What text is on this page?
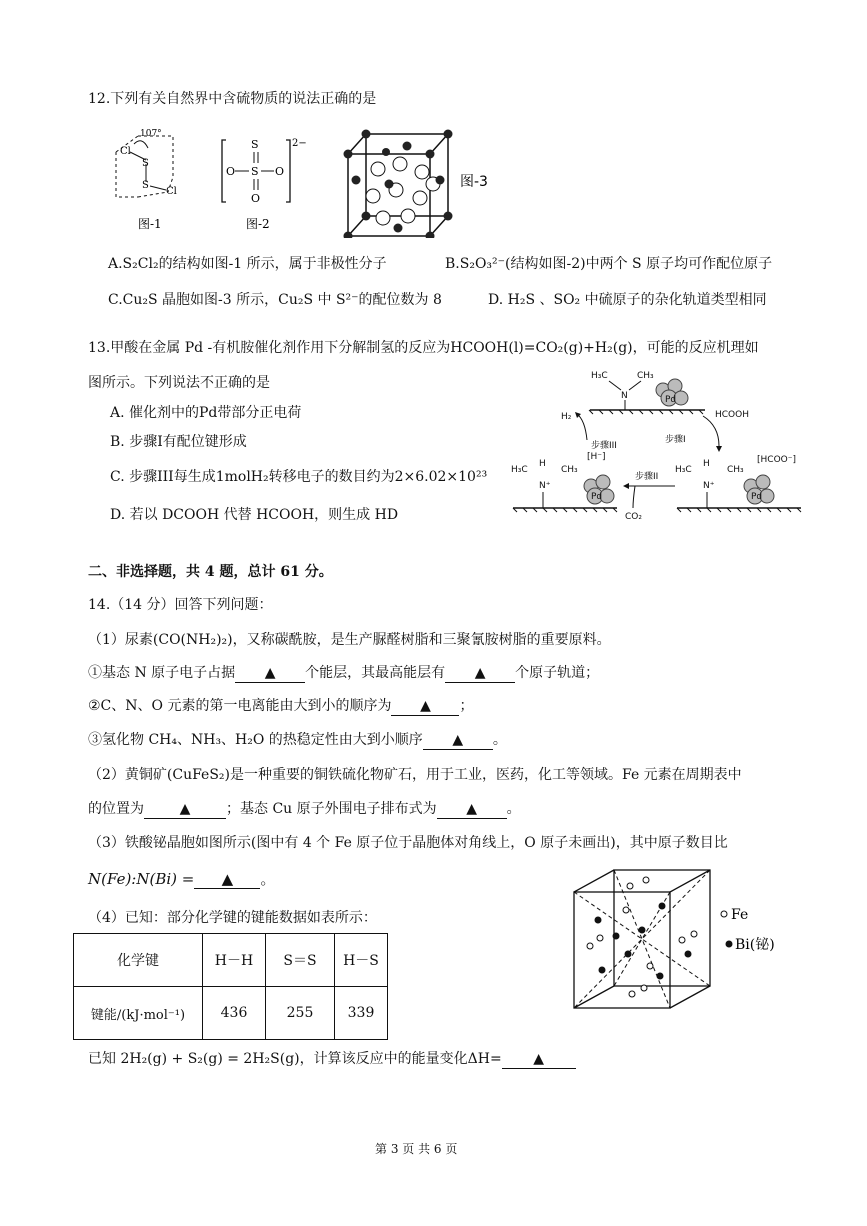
12.下列有关自然界中含硫物质的说法正确的是
107°
Cl
S
S
Cl
图-1
S
O S O
O
2−
图-2
图-3
A.S₂Cl₂的结构如图-1 所示，属于非极性分子	B.S₂O₃²⁻(结构如图-2)中两个 S 原子均可作配位原子
C.Cu₂S 晶胞如图-3 所示，Cu₂S 中 S²⁻的配位数为 8	D. H₂S 、SO₂ 中硫原子的杂化轨道类型相同
13.甲酸在金属 Pd -有机胺催化剂作用下分解制氢的反应为HCOOH(l)=CO₂(g)+H₂(g)，可能的反应机理如
图所示。下列说法不正确的是
A. 催化剂中的Pd带部分正电荷
B. 步骤I有配位键形成
C. 步骤III每生成1molH₂转移电子的数目约为2×6.02×10²³
D. 若以 DCOOH 代替 HCOOH，则生成 HD
H₃C	CH₃
N	Pd
H₂	HCOOH
步骤III
步骤I
H₃C
H
CH₃
N⁺
[H⁻]
Pd
步骤II
CO₂
H₃C
H
CH₃
N⁺
[HCOO⁻]
Pd
二、非选择题，共 4 题，总计 61 分。
14.（14 分）回答下列问题：
（1）尿素(CO(NH₂)₂)，又称碳酰胺，是生产脲醛树脂和三聚氰胺树脂的重要原料。
①基态 N 原子电子占据 ▲ 个能层，其最高能层有 ▲ 个原子轨道；
②C、N、O 元素的第一电离能由大到小的顺序为 ▲ ；
③氢化物 CH₄、NH₃、H₂O 的热稳定性由大到小顺序 ▲ 。
（2）黄铜矿(CuFeS₂)是一种重要的铜铁硫化物矿石，用于工业，医药，化工等领域。Fe 元素在周期表中
的位置为	▲	；基态 Cu 原子外围电子排布式为 ▲ 。
（3）铁酸铋晶胞如图所示(图中有 4 个 Fe 原子位于晶胞体对角线上，O 原子未画出)，其中原子数目比
N(Fe):N(Bi) = ▲ 。
Fe
Bi(铋)
（4）已知：部分化学键的键能数据如表所示：
化学键	H－H	S＝S	H－S
键能/(kJ·mol⁻¹)	436	255	339
已知 2H₂(g) + S₂(g) = 2H₂S(g)，计算该反应中的能量变化ΔH= ▲
第 3 页 共 6 页
